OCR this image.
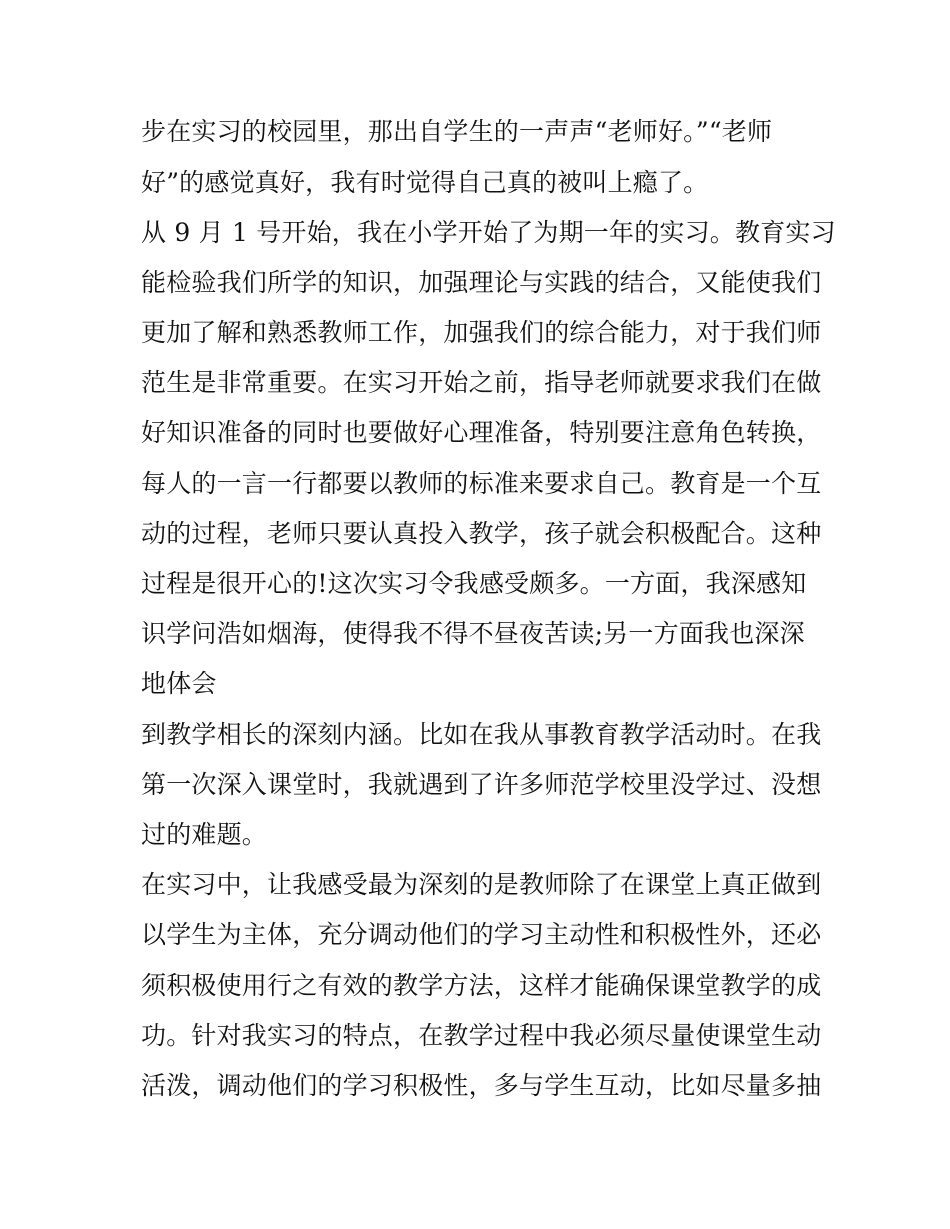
步在实习的校园里，那出自学生的一声声“老师好。”“老师
好”的感觉真好，我有时觉得自己真的被叫上瘾了。
从 9 月 1 号开始，我在小学开始了为期一年的实习。教育实习
能检验我们所学的知识，加强理论与实践的结合，又能使我们
更加了解和熟悉教师工作，加强我们的综合能力，对于我们师
范生是非常重要。在实习开始之前，指导老师就要求我们在做
好知识准备的同时也要做好心理准备，特别要注意角色转换，
每人的一言一行都要以教师的标准来要求自己。教育是一个互
动的过程，老师只要认真投入教学，孩子就会积极配合。这种
过程是很开心的!这次实习令我感受颇多。一方面，我深感知
识学问浩如烟海，使得我不得不昼夜苦读;另一方面我也深深
地体会
到教学相长的深刻内涵。比如在我从事教育教学活动时。在我
第一次深入课堂时，我就遇到了许多师范学校里没学过、没想
过的难题。
在实习中，让我感受最为深刻的是教师除了在课堂上真正做到
以学生为主体，充分调动他们的学习主动性和积极性外，还必
须积极使用行之有效的教学方法，这样才能确保课堂教学的成
功。针对我实习的特点，在教学过程中我必须尽量使课堂生动
活泼，调动他们的学习积极性，多与学生互动，比如尽量多抽
